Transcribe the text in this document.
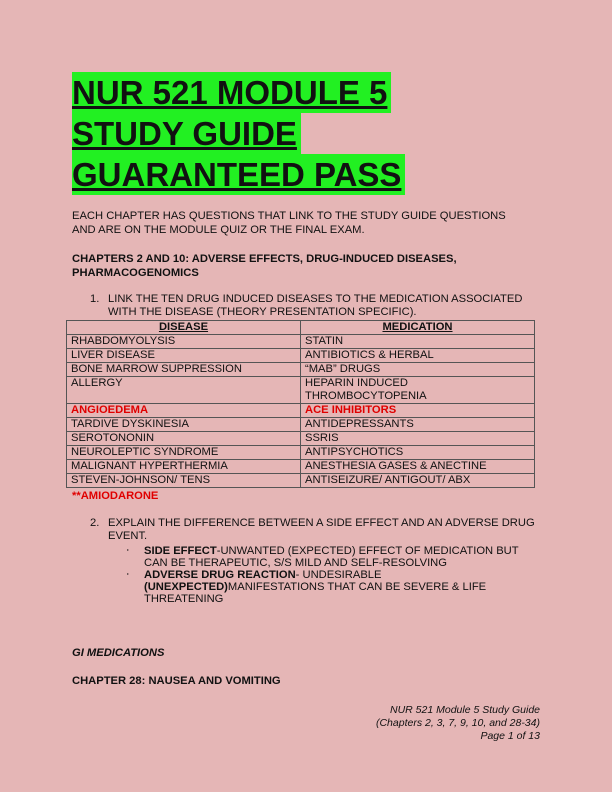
NUR 521 MODULE 5
STUDY GUIDE
GUARANTEED PASS
EACH CHAPTER HAS QUESTIONS THAT LINK TO THE STUDY GUIDE QUESTIONS AND ARE ON THE MODULE QUIZ OR THE FINAL EXAM.
CHAPTERS 2 AND 10: ADVERSE EFFECTS, DRUG-INDUCED DISEASES, PHARMACOGENOMICS
1. LINK THE TEN DRUG INDUCED DISEASES TO THE MEDICATION ASSOCIATED WITH THE DISEASE (THEORY PRESENTATION SPECIFIC).
DISEASE	MEDICATION
RHABDOMYOLYSIS	STATIN
LIVER DISEASE	ANTIBIOTICS & HERBAL
BONE MARROW SUPPRESSION	“MAB” DRUGS
ALLERGY	HEPARIN INDUCED THROMBOCYTOPENIA
ANGIOEDEMA	ACE INHIBITORS
TARDIVE DYSKINESIA	ANTIDEPRESSANTS
SEROTONONIN	SSRIS
NEUROLEPTIC SYNDROME	ANTIPSYCHOTICS
MALIGNANT HYPERTHERMIA	ANESTHESIA GASES & ANECTINE
STEVEN-JOHNSON/ TENS	ANTISEIZURE/ ANTIGOUT/ ABX
**AMIODARONE
2. EXPLAIN THE DIFFERENCE BETWEEN A SIDE EFFECT AND AN ADVERSE DRUG EVENT.
‧ SIDE EFFECT-UNWANTED (EXPECTED) EFFECT OF MEDICATION BUT CAN BE THERAPEUTIC, S/S MILD AND SELF-RESOLVING
‧ ADVERSE DRUG REACTION- UNDESIRABLE (UNEXPECTED)MANIFESTATIONS THAT CAN BE SEVERE & LIFE THREATENING
GI MEDICATIONS
CHAPTER 28: NAUSEA AND VOMITING
NUR 521 Module 5 Study Guide
(Chapters 2, 3, 7, 9, 10, and 28-34)
Page 1 of 13
